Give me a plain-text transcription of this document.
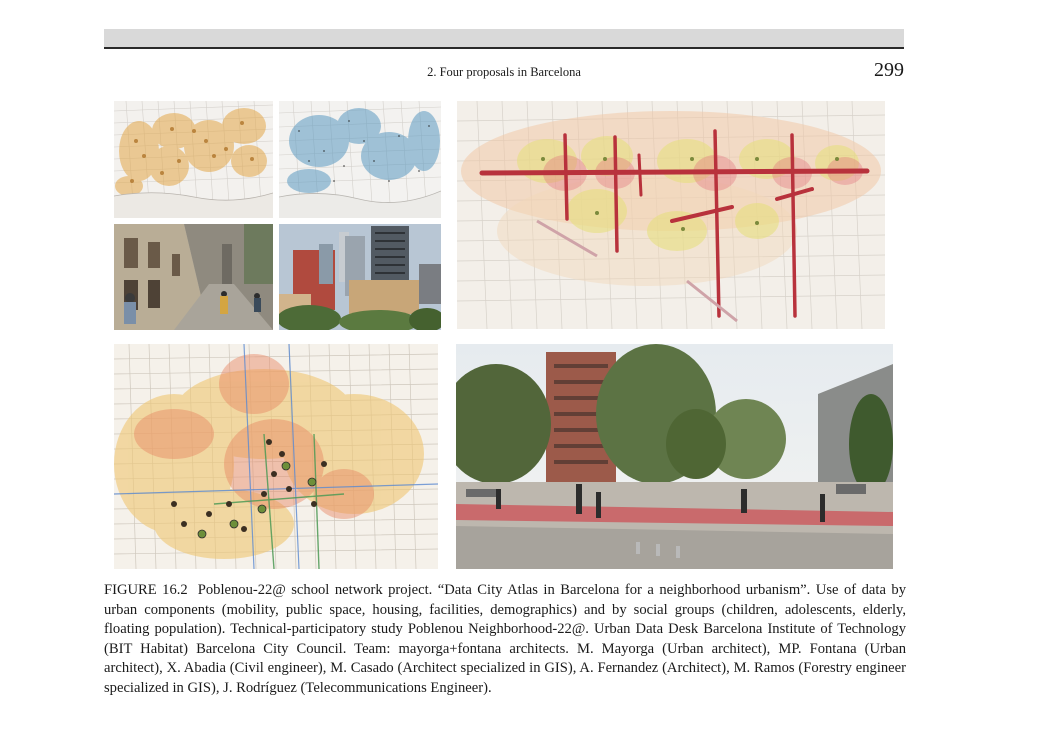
2. Four proposals in Barcelona	299
FIGURE 16.2 Poblenou-22@ school network project. “Data City Atlas in Barcelona for a neighborhood urbanism”. Use of data by urban components (mobility, public space, housing, facilities, demographics) and by social groups (children, adolescents, elderly, floating population). Technical-participatory study Poblenou Neighborhood-22@. Urban Data Desk Barcelona Institute of Technology (BIT Habitat) Barcelona City Council. Team: mayorga+fontana architects. M. Mayorga (Urban architect), MP. Fontana (Urban architect), X. Abadia (Civil engineer), M. Casado (Architect specialized in GIS), A. Fernandez (Architect), M. Ramos (Forestry engineer specialized in GIS), J. Rodríguez (Telecommunications Engineer).
